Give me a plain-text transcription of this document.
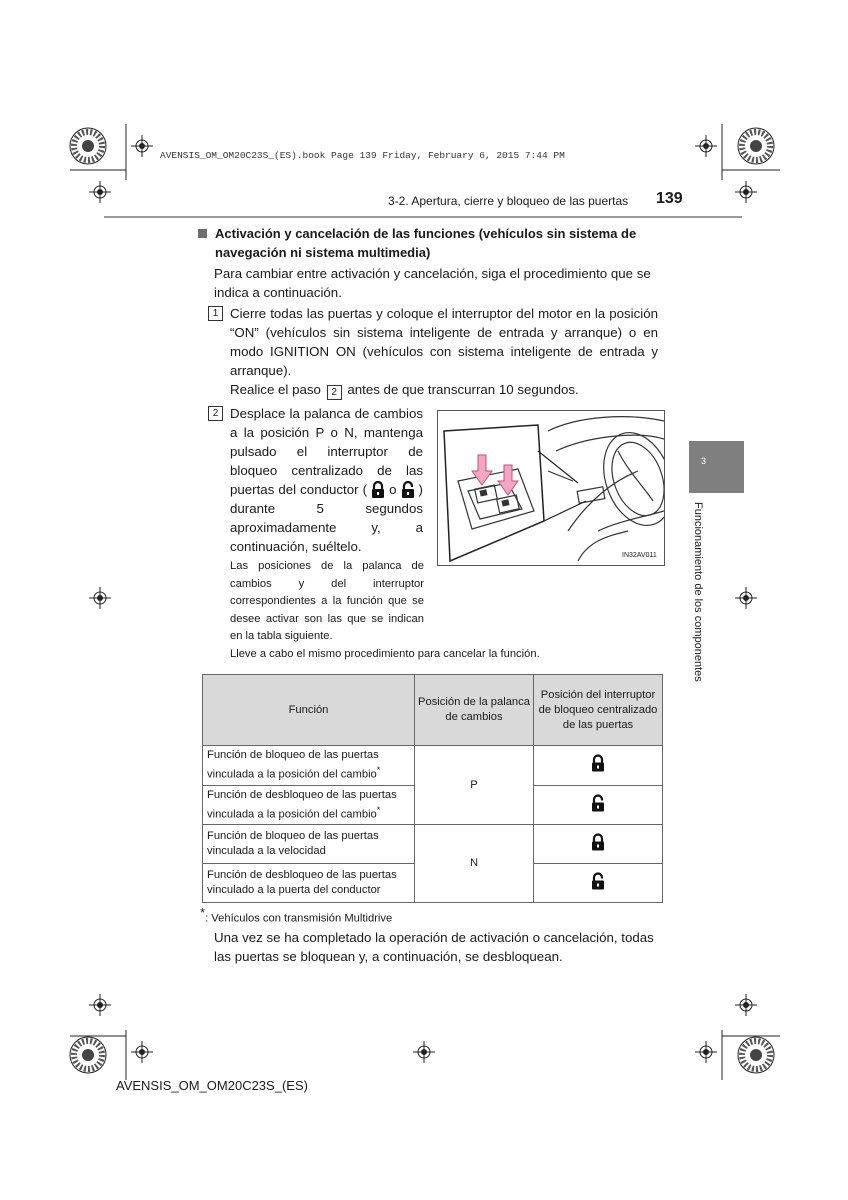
AVENSIS_OM_OM20C23S_(ES).book Page 139 Friday, February 6, 2015 7:44 PM
3-2. Apertura, cierre y bloqueo de las puertas 139
3
Funcionamiento de los componentes
Activación y cancelación de las funciones (vehículos sin sistema de navegación ni sistema multimedia)
Para cambiar entre activación y cancelación, siga el procedimiento que se indica a continuación.
1 Cierre todas las puertas y coloque el interruptor del motor en la posición “ON” (vehículos sin sistema inteligente de entrada y arranque) o en modo IGNITION ON (vehículos con sistema inteligente de entrada y arranque).
Realice el paso 2 antes de que transcurran 10 segundos.
2 Desplace la palanca de cambios a la posición P o N, mantenga pulsado el interruptor de bloqueo centralizado de las puertas del conductor ( o ) durante 5 segundos aproximadamente y, a continuación, suéltelo.
Las posiciones de la palanca de cambios y del interruptor correspondientes a la función que se desee activar son las que se indican en la tabla siguiente.
Lleve a cabo el mismo procedimiento para cancelar la función.
IN32AV011
Función	Posición de la palanca de cambios	Posición del interruptor de bloqueo centralizado de las puertas
Función de bloqueo de las puertas vinculada a la posición del cambio*	P	
Función de desbloqueo de las puertas vinculada a la posición del cambio*	
Función de bloqueo de las puertas vinculada a la velocidad	N	
Función de desbloqueo de las puertas vinculado a la puerta del conductor	
*: Vehículos con transmisión Multidrive
Una vez se ha completado la operación de activación o cancelación, todas las puertas se bloquean y, a continuación, se desbloquean.
AVENSIS_OM_OM20C23S_(ES)
